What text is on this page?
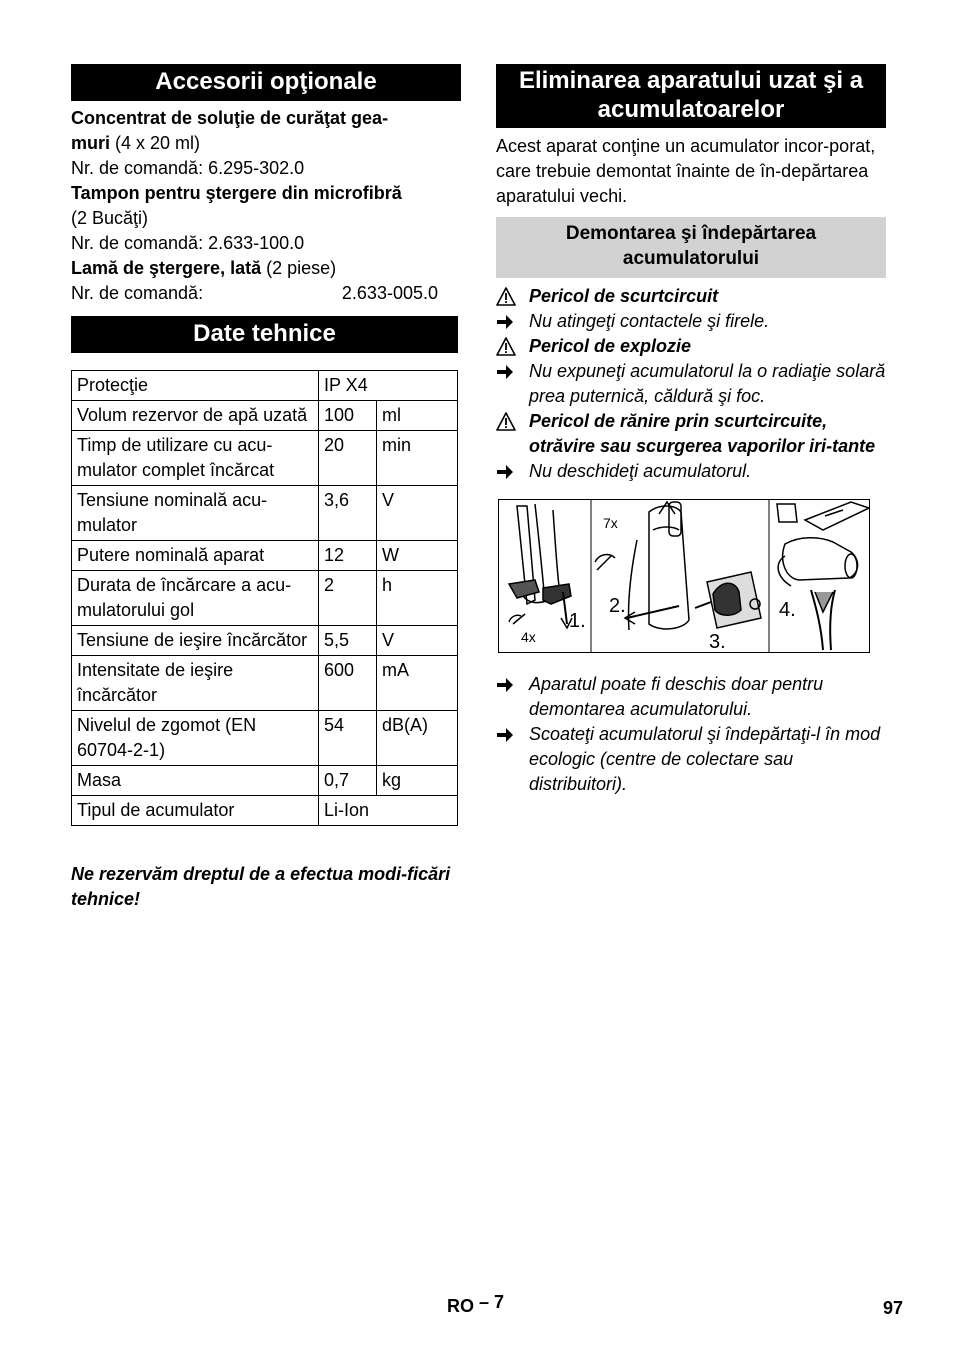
Accesorii opţionale
Concentrat de soluţie de curăţat gea-
muri (4 x 20 ml)
Nr. de comandă: 6.295-302.0
Tampon pentru ştergere din microfibră
(2 Bucăţi)
Nr. de comandă: 2.633-100.0
Lamă de ştergere, lată (2 piese)

Nr. de comandă:	2.633-005.0
Date tehnice
Protecţie	IP X4	
Volum rezervor de apă uzată	100	ml
Timp de utilizare cu acu-mulator complet încărcat	20	min
Tensiune nominală acu-mulator	3,6	V
Putere nominală aparat	12	W
Durata de încărcare a acu-mulatorului gol	2	h
Tensiune de ieşire încărcător	5,5	V
Intensitate de ieşire încărcător	600	mA
Nivelul de zgomot (EN 60704-2-1)	54	dB(A)
Masa	0,7	kg
Tipul de acumulator	Li-Ion	
Ne rezervăm dreptul de a efectua modi-ficări tehnice!
Eliminarea aparatului uzat şi a
acumulatoarelor
Acest aparat conţine un acumulator incor-porat, care trebuie demontat înainte de în-depărtarea aparatului vechi.
Demontarea şi îndepărtarea
acumulatorului
Pericol de scurtcircuit
Nu atingeţi contactele şi firele.
Pericol de explozie
Nu expuneţi acumulatorul la o radiaţie solară prea puternică, căldură şi foc.
Pericol de rănire prin scurtcircuite, otrăvire sau scurgerea vaporilor iri-tante
Nu deschideţi acumulatorul.
4x
1.
7x
2.
3.
4.
Aparatul poate fi deschis doar pentru demontarea acumulatorului.
Scoateţi acumulatorul şi îndepărtaţi-l în mod ecologic (centre de colectare sau distribuitori).
RO – 7	97
